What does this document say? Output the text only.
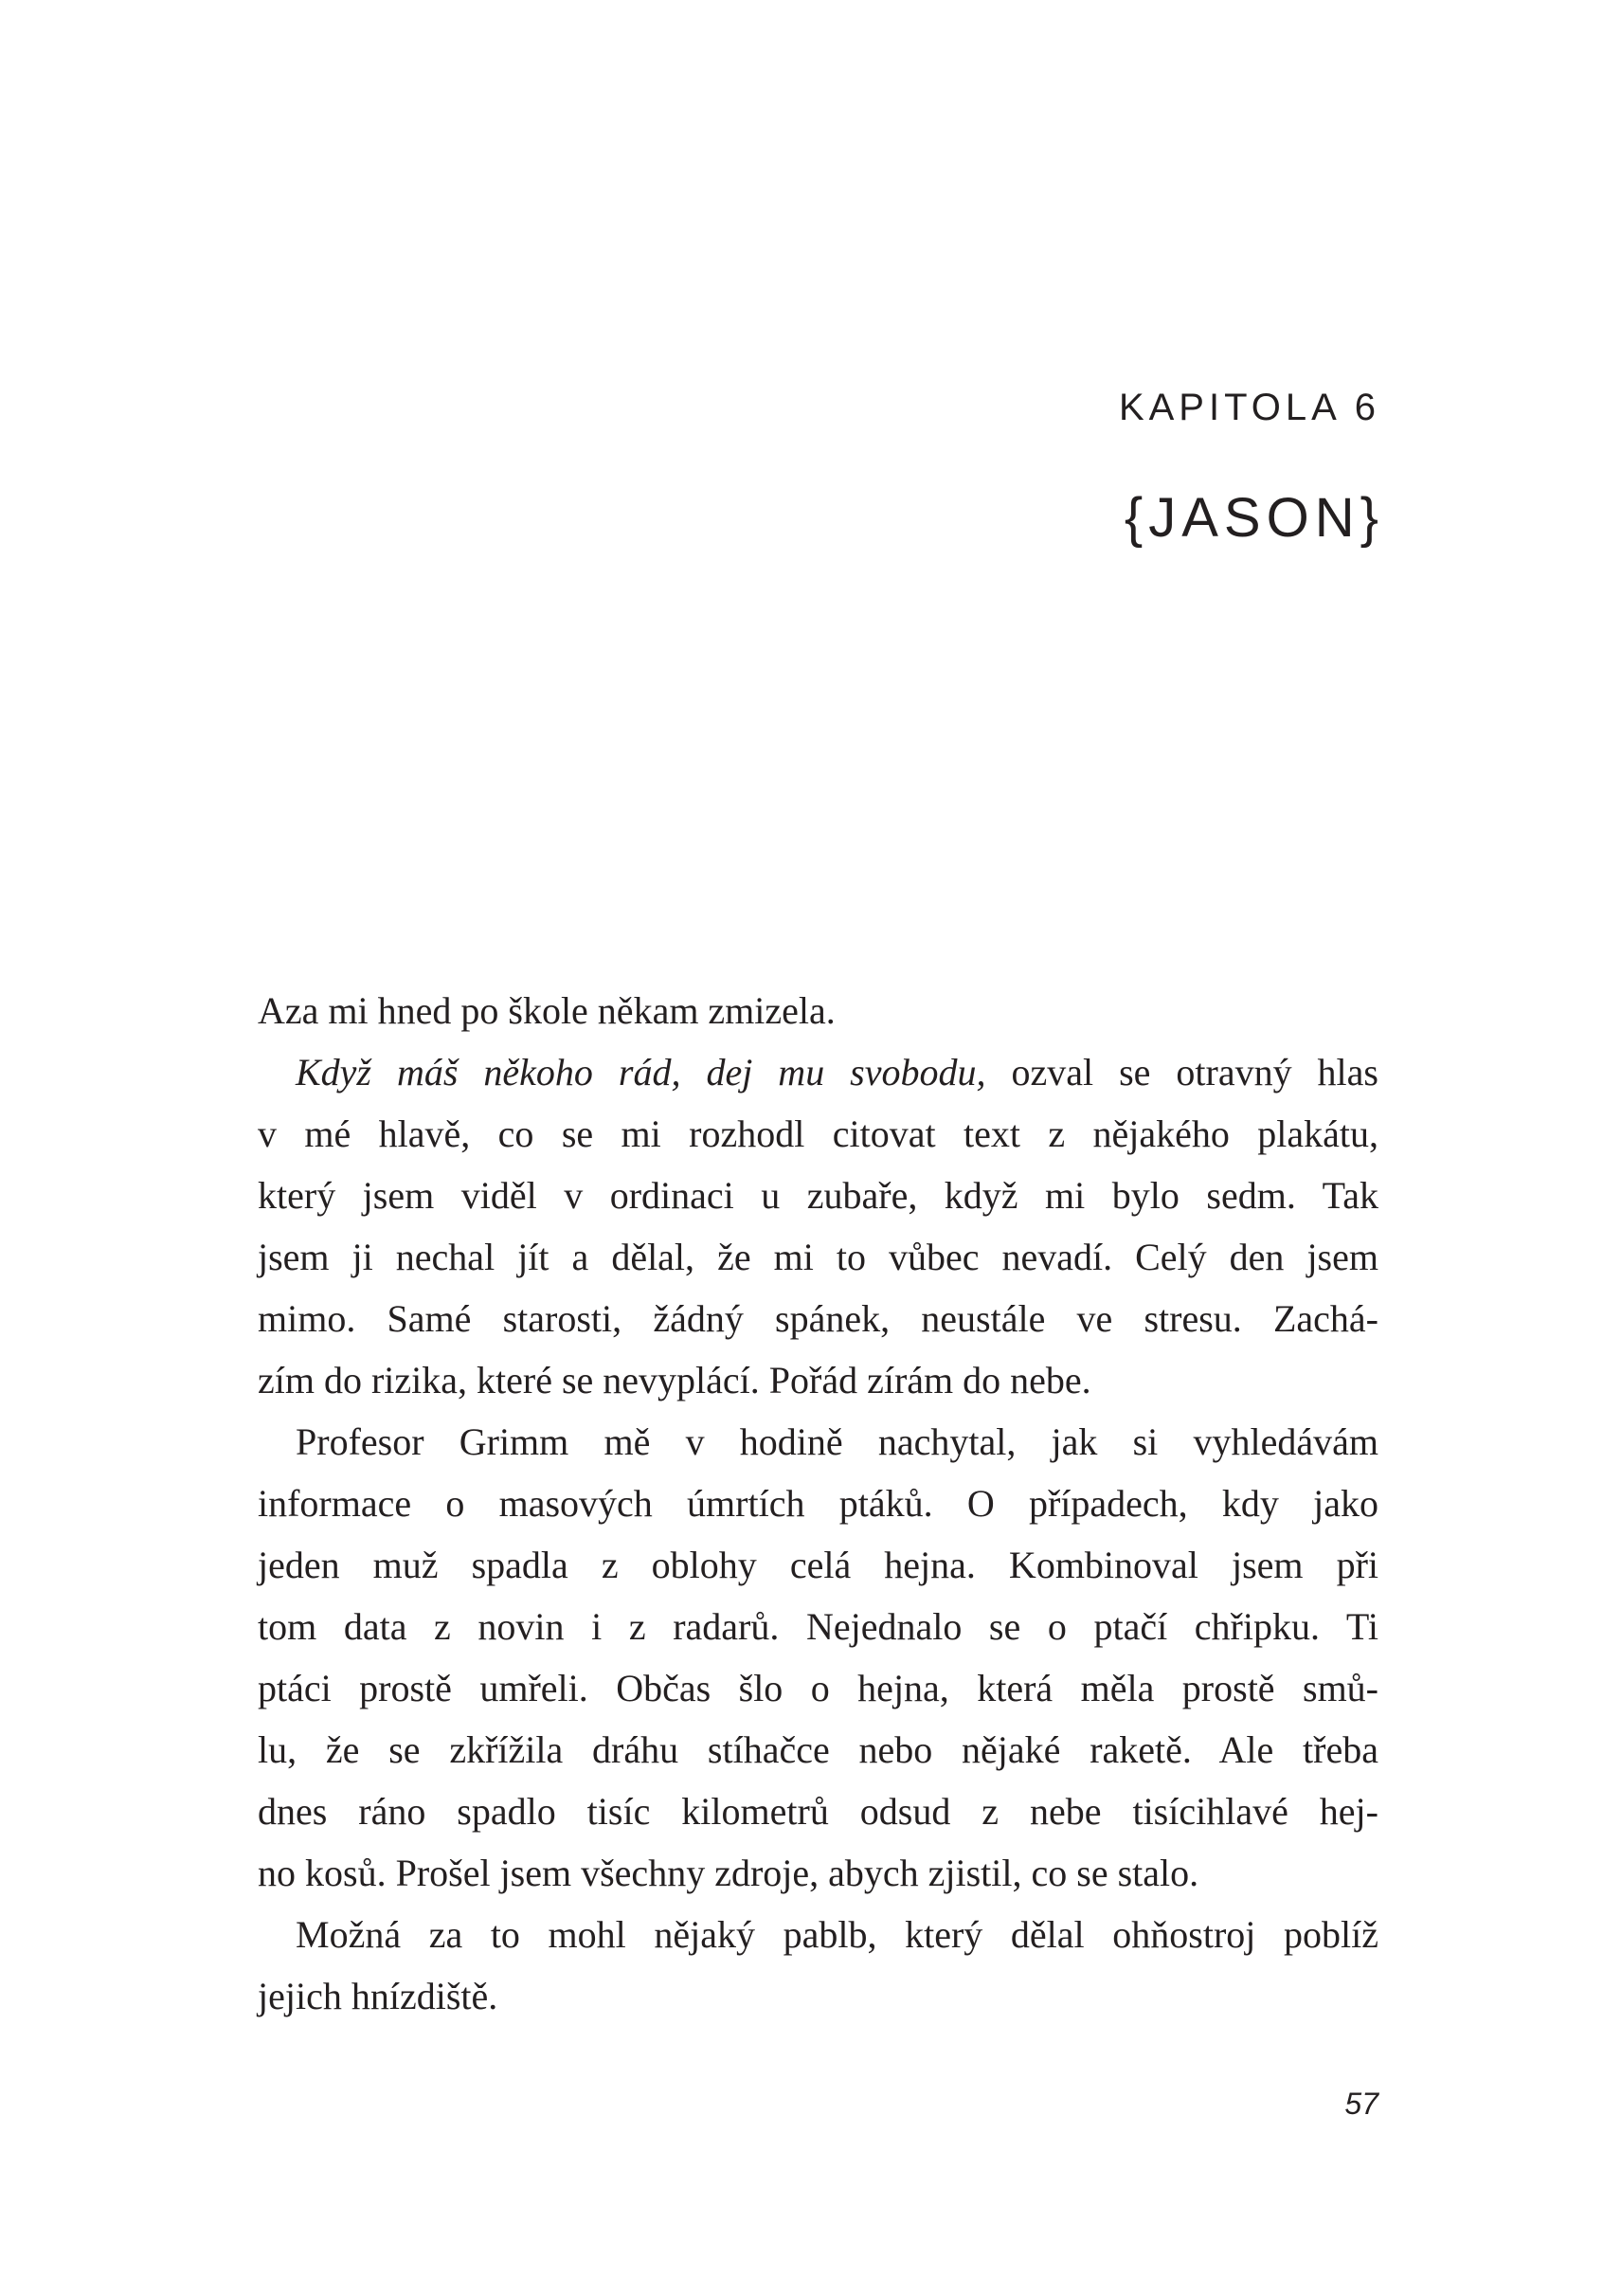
KAPITOLA 6
{JASON}
Aza mi hned po škole někam zmizela.
Když máš někoho rád, dej mu svobodu, ozval se otravný hlas
v mé hlavě, co se mi rozhodl citovat text z nějakého plakátu,
který jsem viděl v ordinaci u zubaře, když mi bylo sedm. Tak
jsem ji nechal jít a dělal, že mi to vůbec nevadí. Celý den jsem
mimo. Samé starosti, žádný spánek, neustále ve stresu. Zachá-
zím do rizika, které se nevyplácí. Pořád zírám do nebe.
Profesor Grimm mě v hodině nachytal, jak si vyhledávám
informace o masových úmrtích ptáků. O případech, kdy jako
jeden muž spadla z oblohy celá hejna. Kombinoval jsem při
tom data z novin i z radarů. Nejednalo se o ptačí chřipku. Ti
ptáci prostě umřeli. Občas šlo o hejna, která měla prostě smů-
lu, že se zkřížila dráhu stíhačce nebo nějaké raketě. Ale třeba
dnes ráno spadlo tisíc kilometrů odsud z nebe tisícihlavé hej-
no kosů. Prošel jsem všechny zdroje, abych zjistil, co se stalo.
Možná za to mohl nějaký pablb, který dělal ohňostroj poblíž
jejich hnízdiště.
57
